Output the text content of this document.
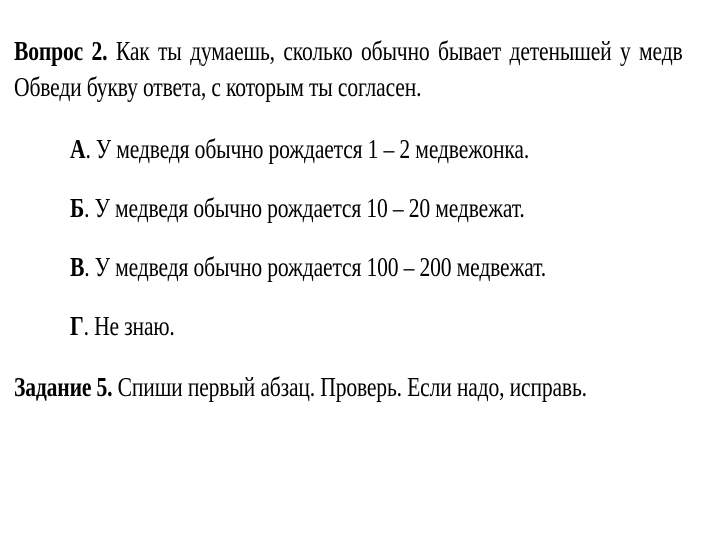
Вопрос 2. Как ты думаешь, сколько обычно бывает детенышей у медв
Обведи букву ответа, с которым ты согласен.
А. У медведя обычно рождается 1 – 2 медвежонка.
Б. У медведя обычно рождается 10 – 20 медвежат.
В. У медведя обычно рождается 100 – 200 медвежат.
Г. Не знаю.
Задание 5. Спиши первый абзац. Проверь. Если надо, исправь.
